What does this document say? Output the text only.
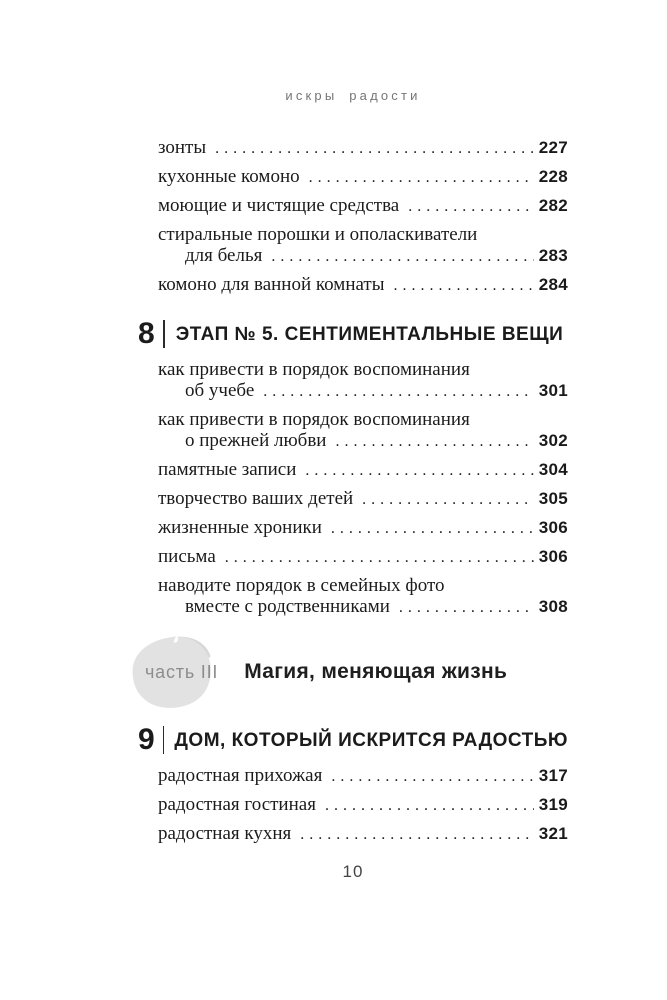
искры радости
зонты . . .	227
кухонные комоно . . .	228
моющие и чистящие средства . . .	282
стиральные порошки и ополаскиватели
для белья . . .	283
комоно для ванной комнаты . . .	284
8 ЭТАП № 5. СЕНТИМЕНТАЛЬНЫЕ ВЕЩИ
как привести в порядок воспоминания
об учебе . . .	301
как привести в порядок воспоминания
о прежней любви . . .	302
памятные записи . . .	304
творчество ваших детей . . .	305
жизненные хроники . . .	306
письма . . .	306
наводите порядок в семейных фото
вместе с родственниками . . .	308
часть III Магия, меняющая жизнь
9 ДОМ, КОТОРЫЙ ИСКРИТСЯ РАДОСТЬЮ
радостная прихожая . . .	317
радостная гостиная . . .	319
радостная кухня . . .	321
10
